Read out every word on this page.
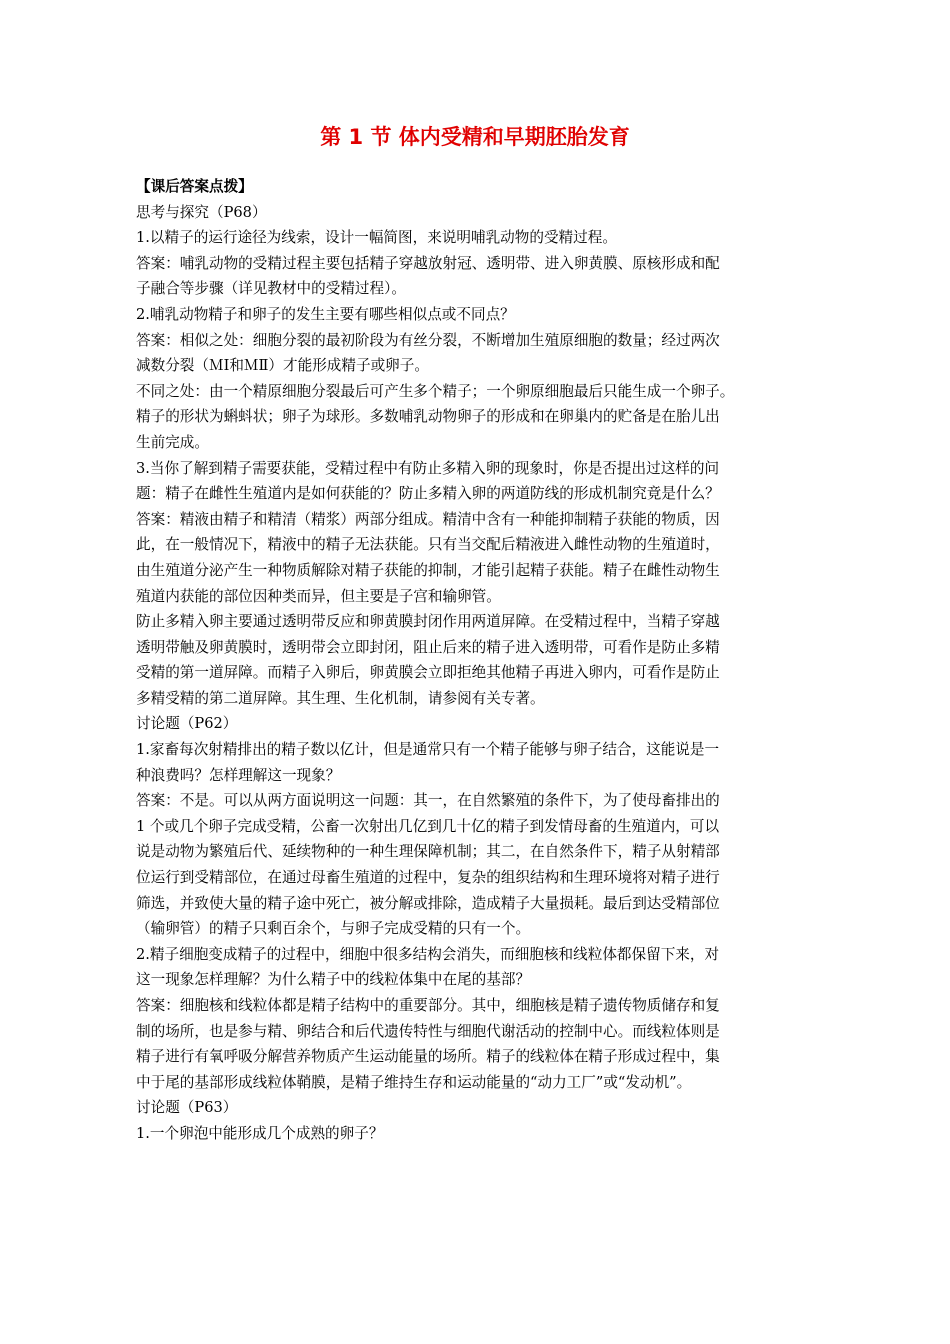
第 1 节 体内受精和早期胚胎发育
【课后答案点拨】
思考与探究（P68）
1.以精子的运行途径为线索，设计一幅简图，来说明哺乳动物的受精过程。
答案：哺乳动物的受精过程主要包括精子穿越放射冠、透明带、进入卵黄膜、原核形成和配
子融合等步骤（详见教材中的受精过程）。
2.哺乳动物精子和卵子的发生主要有哪些相似点或不同点？
答案：相似之处：细胞分裂的最初阶段为有丝分裂，不断增加生殖原细胞的数量；经过两次
减数分裂（ＭⅠ和ＭⅡ）才能形成精子或卵子。
不同之处：由一个精原细胞分裂最后可产生多个精子；一个卵原细胞最后只能生成一个卵子。
精子的形状为蝌蚪状；卵子为球形。多数哺乳动物卵子的形成和在卵巢内的贮备是在胎儿出
生前完成。
3.当你了解到精子需要获能，受精过程中有防止多精入卵的现象时，你是否提出过这样的问
题：精子在雌性生殖道内是如何获能的？防止多精入卵的两道防线的形成机制究竟是什么？
答案：精液由精子和精清（精浆）两部分组成。精清中含有一种能抑制精子获能的物质，因
此，在一般情况下，精液中的精子无法获能。只有当交配后精液进入雌性动物的生殖道时，
由生殖道分泌产生一种物质解除对精子获能的抑制，才能引起精子获能。精子在雌性动物生
殖道内获能的部位因种类而异，但主要是子宫和输卵管。
防止多精入卵主要通过透明带反应和卵黄膜封闭作用两道屏障。在受精过程中，当精子穿越
透明带触及卵黄膜时，透明带会立即封闭，阻止后来的精子进入透明带，可看作是防止多精
受精的第一道屏障。而精子入卵后，卵黄膜会立即拒绝其他精子再进入卵内，可看作是防止
多精受精的第二道屏障。其生理、生化机制，请参阅有关专著。
讨论题（P62）
1.家畜每次射精排出的精子数以亿计，但是通常只有一个精子能够与卵子结合，这能说是一
种浪费吗？怎样理解这一现象？
答案：不是。可以从两方面说明这一问题：其一，在自然繁殖的条件下，为了使母畜排出的
1 个或几个卵子完成受精，公畜一次射出几亿到几十亿的精子到发情母畜的生殖道内，可以
说是动物为繁殖后代、延续物种的一种生理保障机制；其二，在自然条件下，精子从射精部
位运行到受精部位，在通过母畜生殖道的过程中，复杂的组织结构和生理环境将对精子进行
筛选，并致使大量的精子途中死亡，被分解或排除，造成精子大量损耗。最后到达受精部位
（输卵管）的精子只剩百余个，与卵子完成受精的只有一个。
2.精子细胞变成精子的过程中，细胞中很多结构会消失，而细胞核和线粒体都保留下来，对
这一现象怎样理解？为什么精子中的线粒体集中在尾的基部？
答案：细胞核和线粒体都是精子结构中的重要部分。其中，细胞核是精子遗传物质储存和复
制的场所，也是参与精、卵结合和后代遗传特性与细胞代谢活动的控制中心。而线粒体则是
精子进行有氧呼吸分解营养物质产生运动能量的场所。精子的线粒体在精子形成过程中，集
中于尾的基部形成线粒体鞘膜，是精子维持生存和运动能量的“动力工厂”或“发动机”。
讨论题（P63）
1.一个卵泡中能形成几个成熟的卵子？
